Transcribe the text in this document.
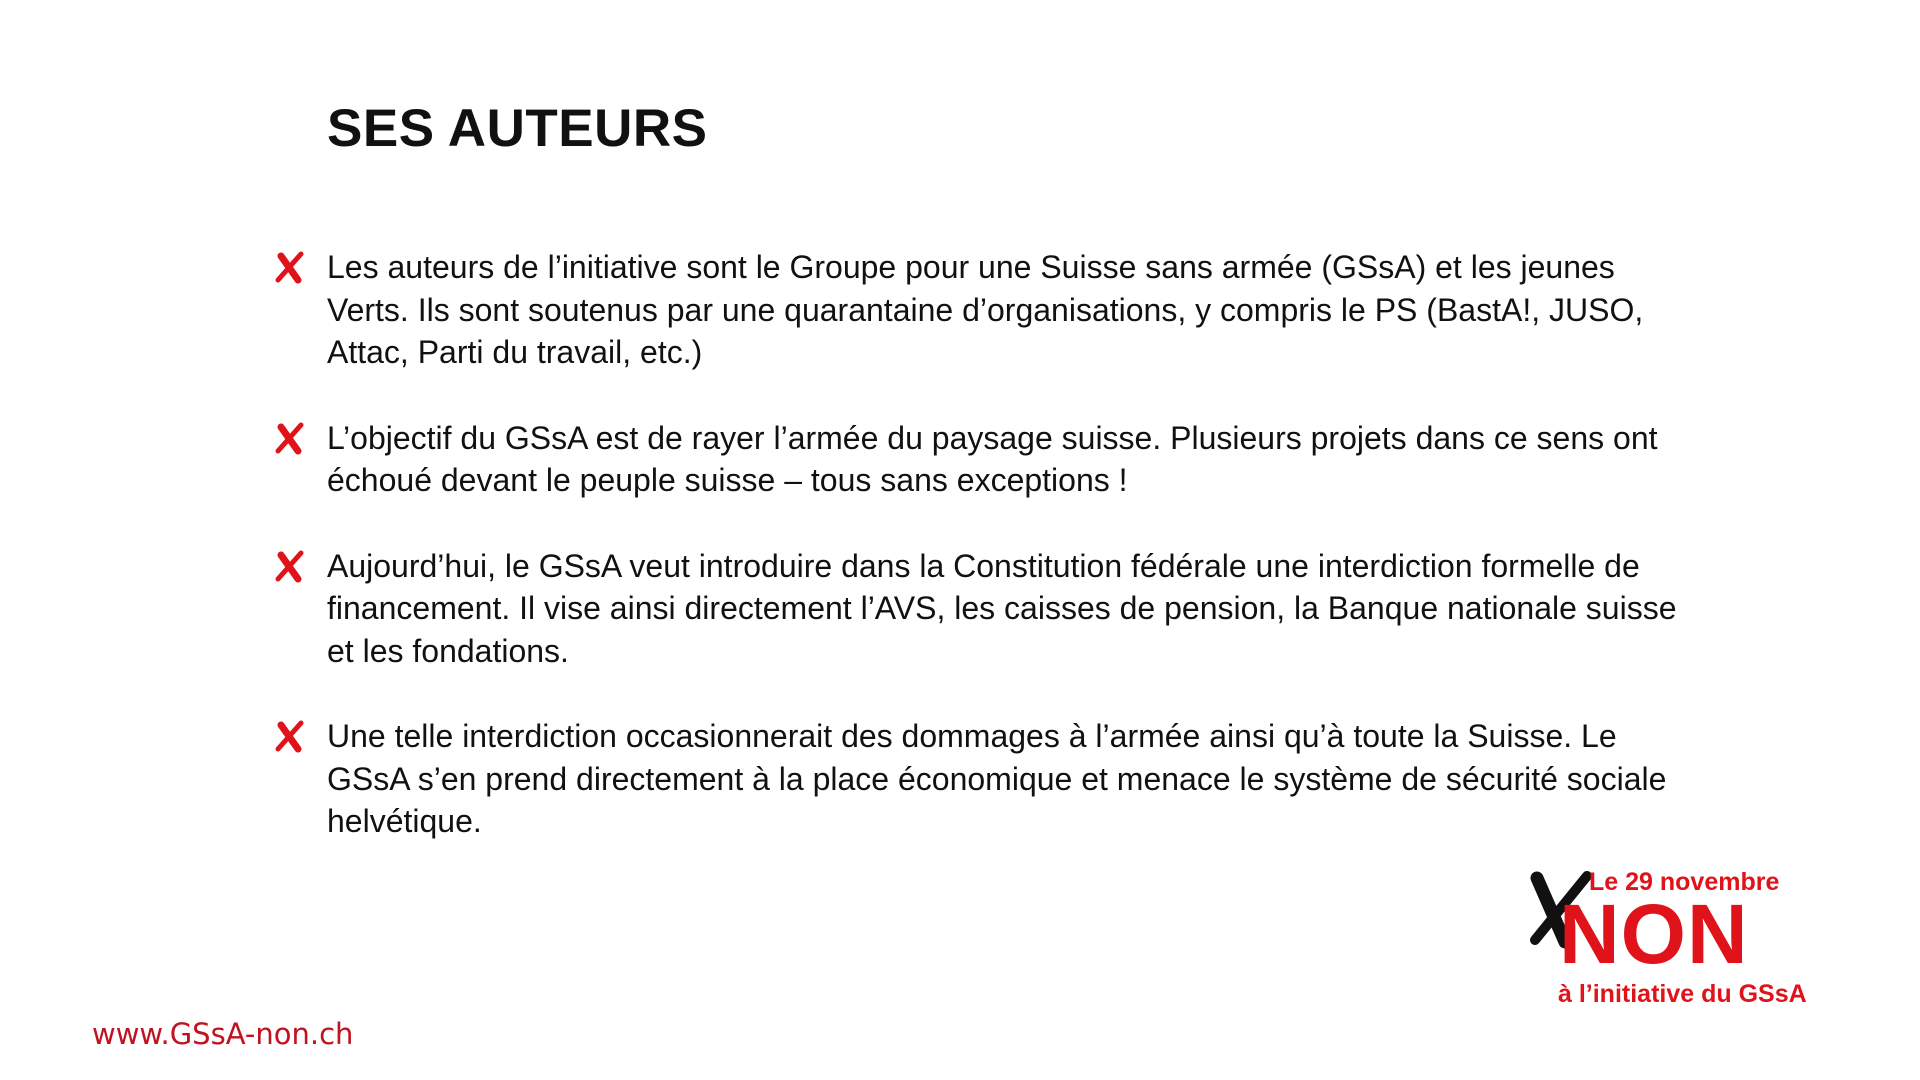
SES AUTEURS
Les auteurs de l’initiative sont le Groupe pour une Suisse sans armée (GSsA) et les jeunes Verts. Ils sont soutenus par une quarantaine d’organisations, y compris le PS (BastA!, JUSO, Attac, Parti du travail, etc.)
L’objectif du GSsA est de rayer l’armée du paysage suisse. Plusieurs projets dans ce sens ont échoué devant le peuple suisse – tous sans exceptions !
Aujourd’hui, le GSsA veut introduire dans la Constitution fédérale une interdiction formelle de financement. Il vise ainsi directement l’AVS, les caisses de pension, la Banque nationale suisse et les fondations.
Une telle interdiction occasionnerait des dommages à l’armée ainsi qu’à toute la Suisse. Le GSsA s’en prend directement à la place économique et menace le système de sécurité sociale helvétique.
Le 29 novembre
NON
à l’initiative du GSsA
www.GSsA-non.ch
